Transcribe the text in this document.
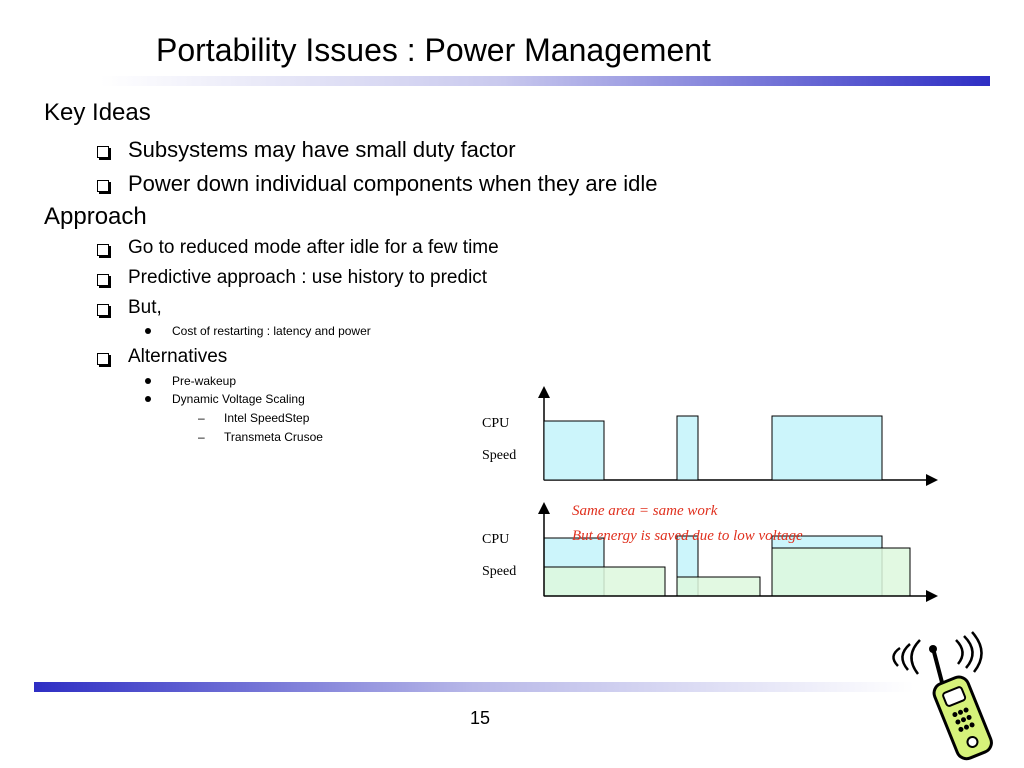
Portability Issues : Power Management
Key Ideas
Subsystems may have small duty factor
Power down individual components when they are idle
Approach
Go to reduced mode after idle for a few time
Predictive approach : use history to predict
But,
Cost of restarting : latency and power
Alternatives
Pre-wakeup
Dynamic Voltage Scaling
– Intel SpeedStep
– Transmeta Crusoe
CPU
Speed
CPU
Speed
Same area = same work
But energy is saved due to low voltage
15
